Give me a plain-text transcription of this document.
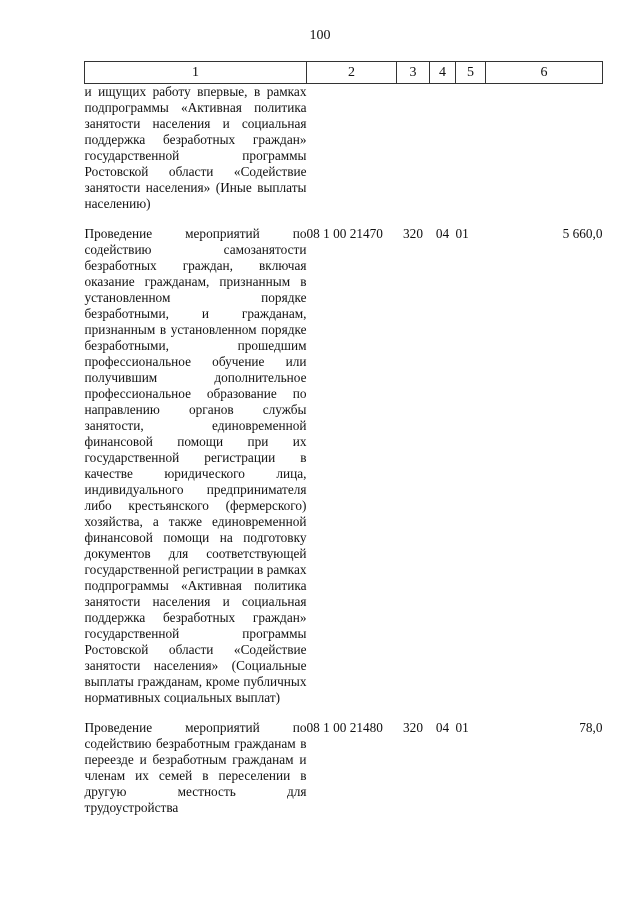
100
1	2	3	4	5	6
и ищущих работу впервые, в рамках подпрограммы «Активная политика занятости населения и социальная поддержка безработных граждан» государственной программы Ростовской области «Содействие занятости населения» (Иные выплаты населению)					
Проведение мероприятий по содействию самозанятости безработных граждан, включая оказание гражданам, признанным в установленном порядке безработными, и гражданам, признанным в установленном порядке безработными, прошедшим профессиональное обучение или получившим дополнительное профессиональное образование по направлению органов службы занятости, единовременной финансовой помощи при их государственной регистрации в качестве юридического лица, индивидуального предпринимателя либо крестьянского (фермерского) хозяйства, а также единовременной финансовой помощи на подготовку документов для соответствующей государственной регистрации в рамках подпрограммы «Активная политика занятости населения и социальная поддержка безработных граждан» государственной программы Ростовской области «Содействие занятости населения» (Социальные выплаты гражданам, кроме публичных нормативных социальных выплат)	08 1 00 21470	320	04	01	5 660,0
Проведение мероприятий по содействию безработным гражданам в переезде и безработным гражданам и членам их семей в переселении в другую местность для трудоустройства	08 1 00 21480	320	04	01	78,0
